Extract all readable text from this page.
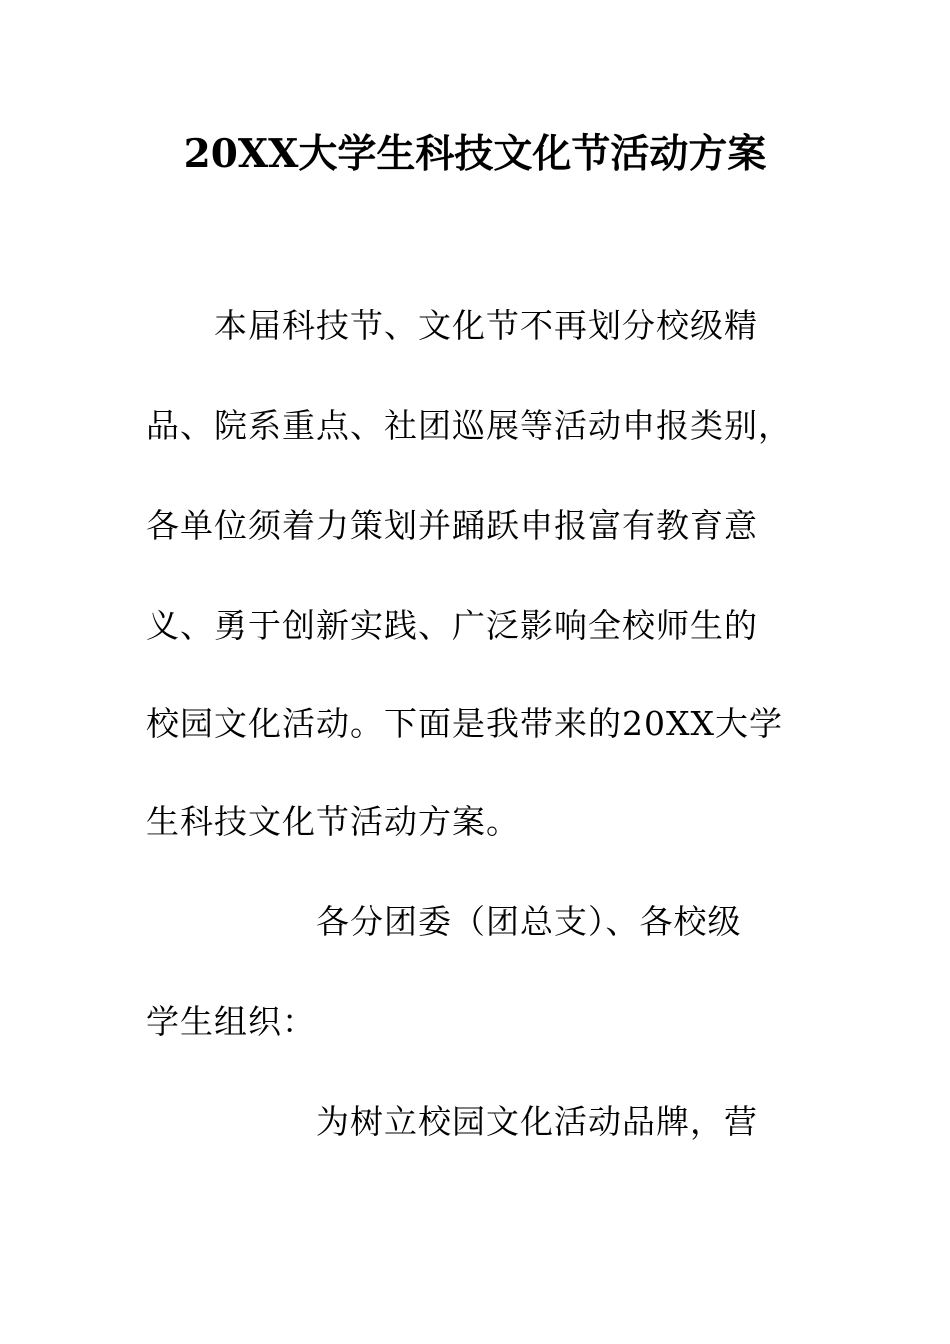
20XX大学生科技文化节活动方案
　　本届科技节、文化节不再划分校级精
品、院系重点、社团巡展等活动申报类别，
各单位须着力策划并踊跃申报富有教育意
义、勇于创新实践、广泛影响全校师生的
校园文化活动。下面是我带来的20XX大学
生科技文化节活动方案。
　　　　　各分团委（团总支）、各校级
学生组织：
　　　　　为树立校园文化活动品牌，营
